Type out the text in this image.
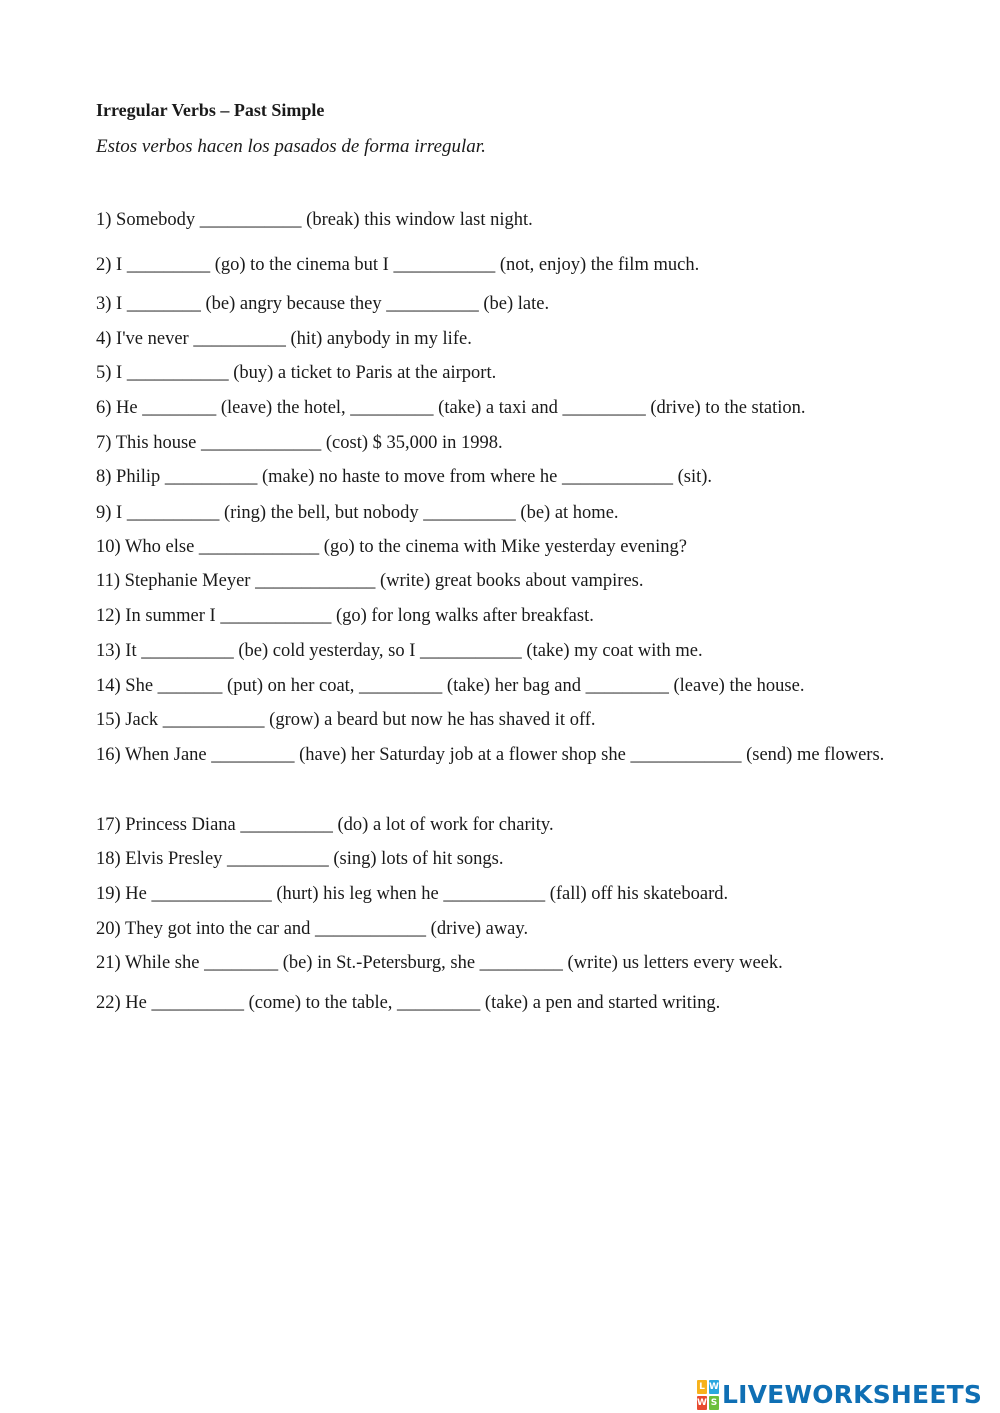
Irregular Verbs – Past Simple

Estos verbos hacen los pasados de forma irregular.

1) Somebody ___________ (break) this window last night.
2) I _________ (go) to the cinema but I ___________ (not, enjoy) the film much.
3) I ________ (be) angry because they __________ (be) late.
4) I've never __________ (hit) anybody in my life.
5) I ___________ (buy) a ticket to Paris at the airport.
6) He ________ (leave) the hotel, _________ (take) a taxi and _________ (drive) to the station.
7) This house _____________ (cost) $ 35,000 in 1998.
8) Philip __________ (make) no haste to move from where he ____________ (sit).
9) I __________ (ring) the bell, but nobody __________ (be) at home.
10) Who else _____________ (go) to the cinema with Mike yesterday evening?
11) Stephanie Meyer _____________ (write) great books about vampires.
12) In summer I ____________ (go) for long walks after breakfast.
13) It __________ (be) cold yesterday, so I ___________ (take) my coat with me.
14) She _______ (put) on her coat, _________ (take) her bag and _________ (leave) the house.
15) Jack ___________ (grow) a beard but now he has shaved it off.
16) When Jane _________ (have) her Saturday job at a flower shop she ____________ (send) me flowers.
17) Princess Diana __________ (do) a lot of work for charity.
18) Elvis Presley ___________ (sing) lots of hit songs.
19) He _____________ (hurt) his leg when he ___________ (fall) off his skateboard.
20) They got into the car and ____________ (drive) away.
21) While she ________ (be) in St.-Petersburg, she _________ (write) us letters every week.
22) He __________ (come) to the table, _________ (take) a pen and started writing.
L W
W S LIVEWORKSHEETS
